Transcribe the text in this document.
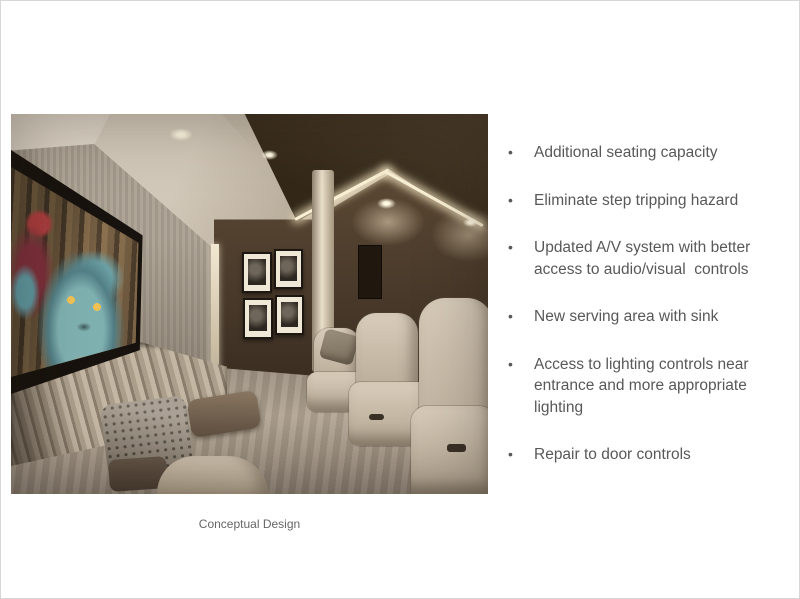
Conceptual Design
• Additional seating capacity
• Eliminate step tripping hazard
• Updated A/V system with better access to audio/visual  controls
• New serving area with sink
• Access to lighting controls near entrance and more appropriate lighting
• Repair to door controls
